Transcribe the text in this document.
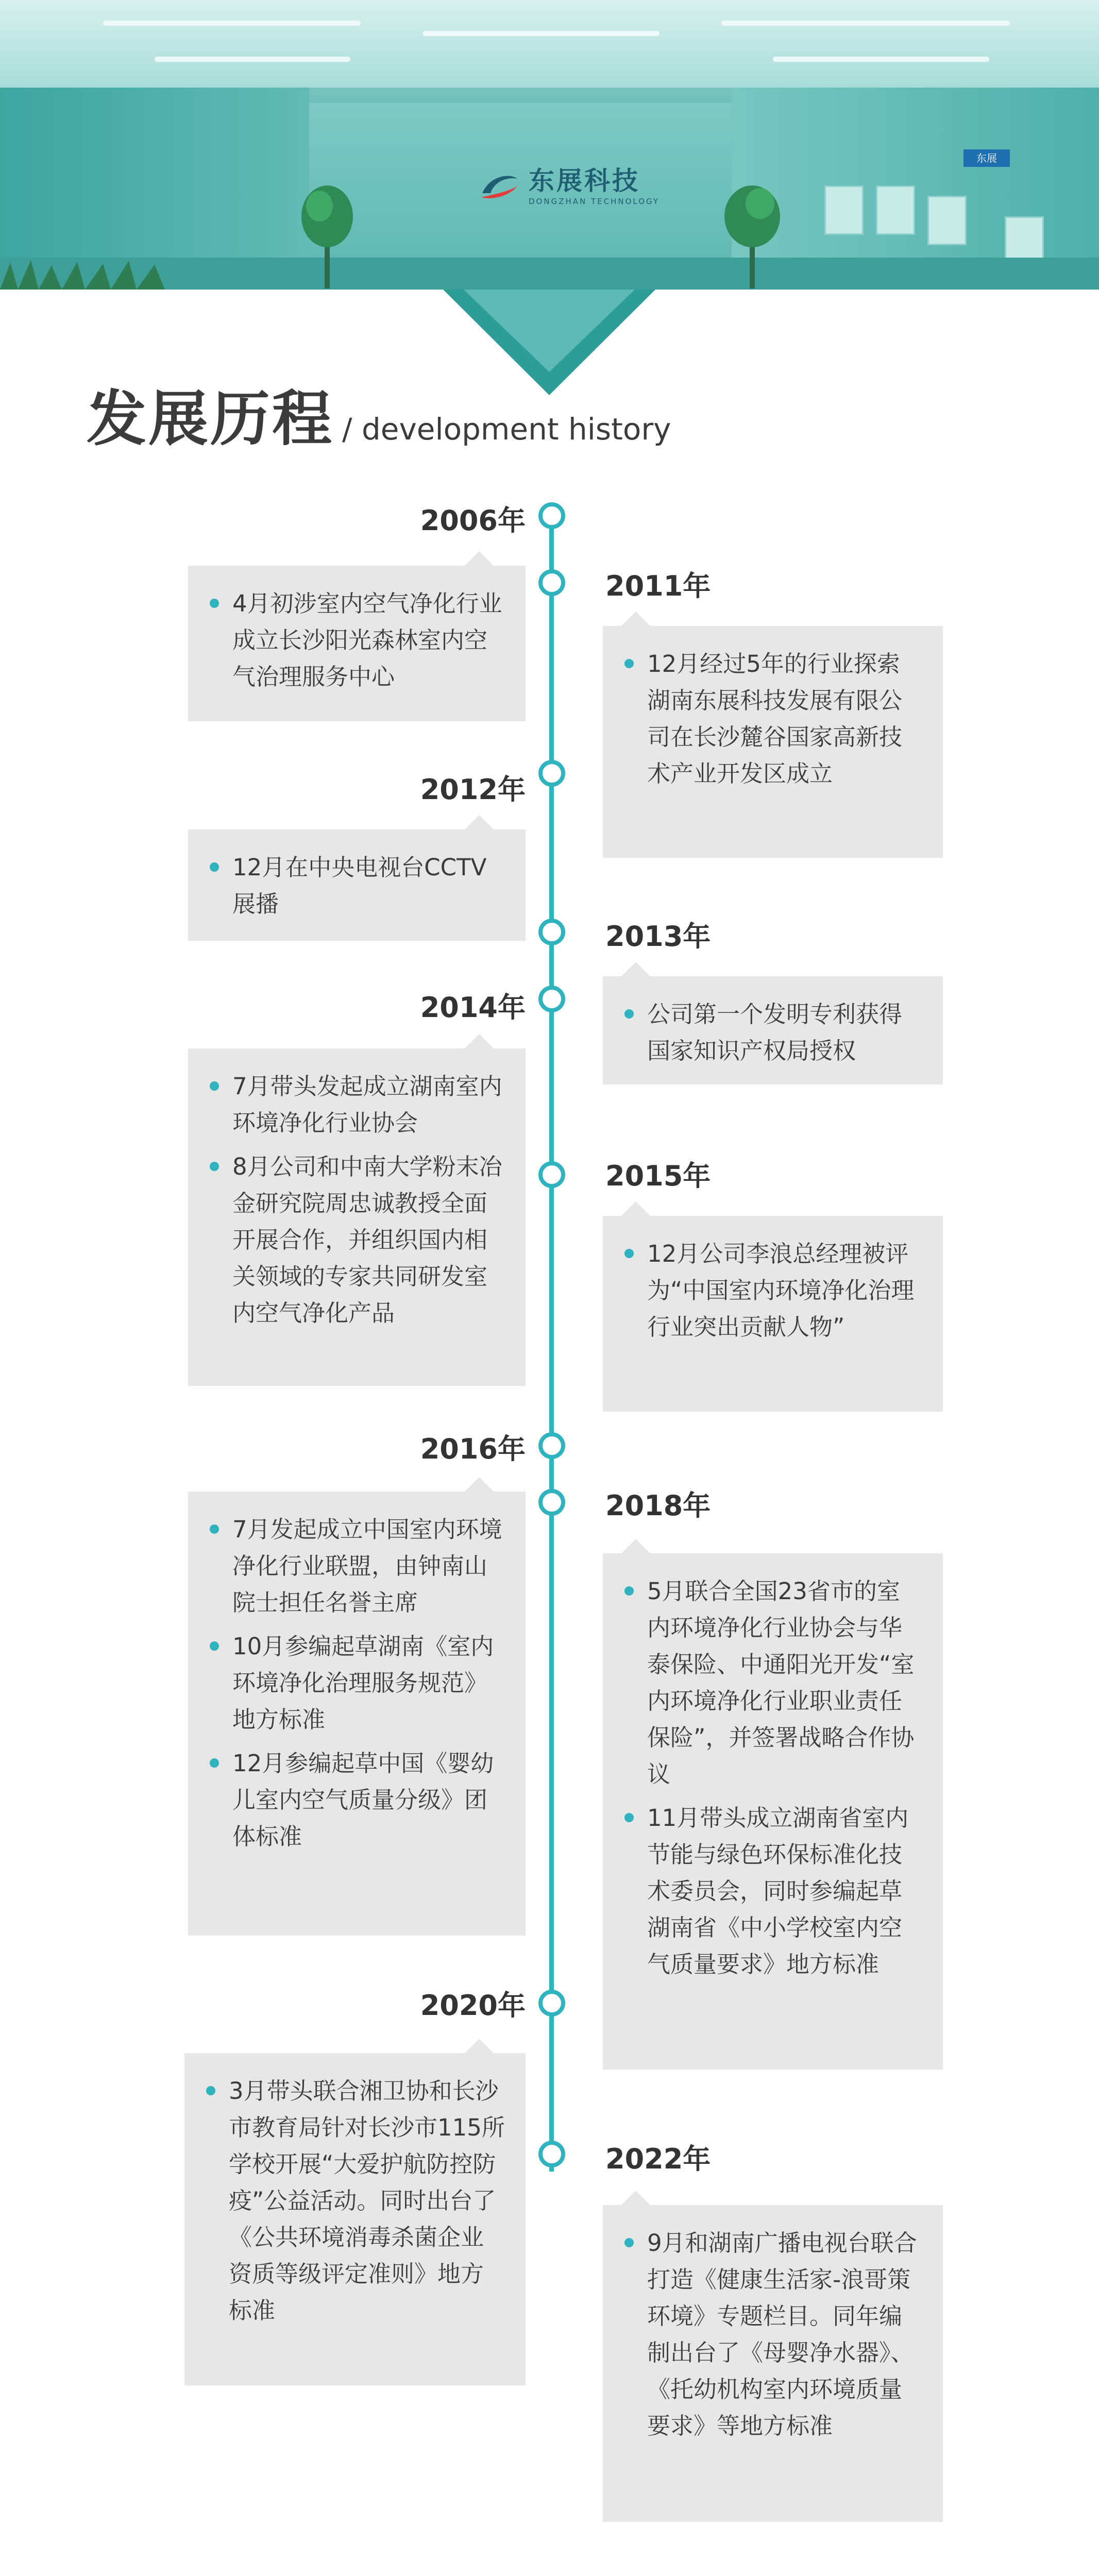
东展
东展科技
DONGZHAN TECHNOLOGY
发展历程 / development history
2006年
2011年
2012年
2013年
2014年
2015年
2016年
2018年
2020年
2022年
4月初涉室内空气净化行业成立长沙阳光森林室内空气治理服务中心	12月经过5年的行业探索湖南东展科技发展有限公司在长沙麓谷国家高新技术产业开发区成立
12月在中央电视台CCTV展播
公司第一个发明专利获得国家知识产权局授权
7月带头发起成立湖南室内环境净化行业协会
8月公司和中南大学粉末冶金研究院周忠诚教授全面开展合作，并组织国内相关领域的专家共同研发室内空气净化产品
12月公司李浪总经理被评为“中国室内环境净化治理行业突出贡献人物”
7月发起成立中国室内环境净化行业联盟，由钟南山院士担任名誉主席
10月参编起草湖南《室内环境净化治理服务规范》地方标准
12月参编起草中国《婴幼儿室内空气质量分级》团体标准
5月联合全国23省市的室内环境净化行业协会与华泰保险、中通阳光开发“室内环境净化行业职业责任保险”，并签署战略合作协议
11月带头成立湖南省室内节能与绿色环保标准化技术委员会，同时参编起草湖南省《中小学校室内空气质量要求》地方标准
3月带头联合湘卫协和长沙市教育局针对长沙市115所学校开展“大爱护航防控防疫”公益活动。同时出台了《公共环境消毒杀菌企业资质等级评定准则》地方标准
9月和湖南广播电视台联合打造《健康生活家-浪哥策环境》专题栏目。同年编制出台了《母婴净水器》、《托幼机构室内环境质量要求》等地方标准
